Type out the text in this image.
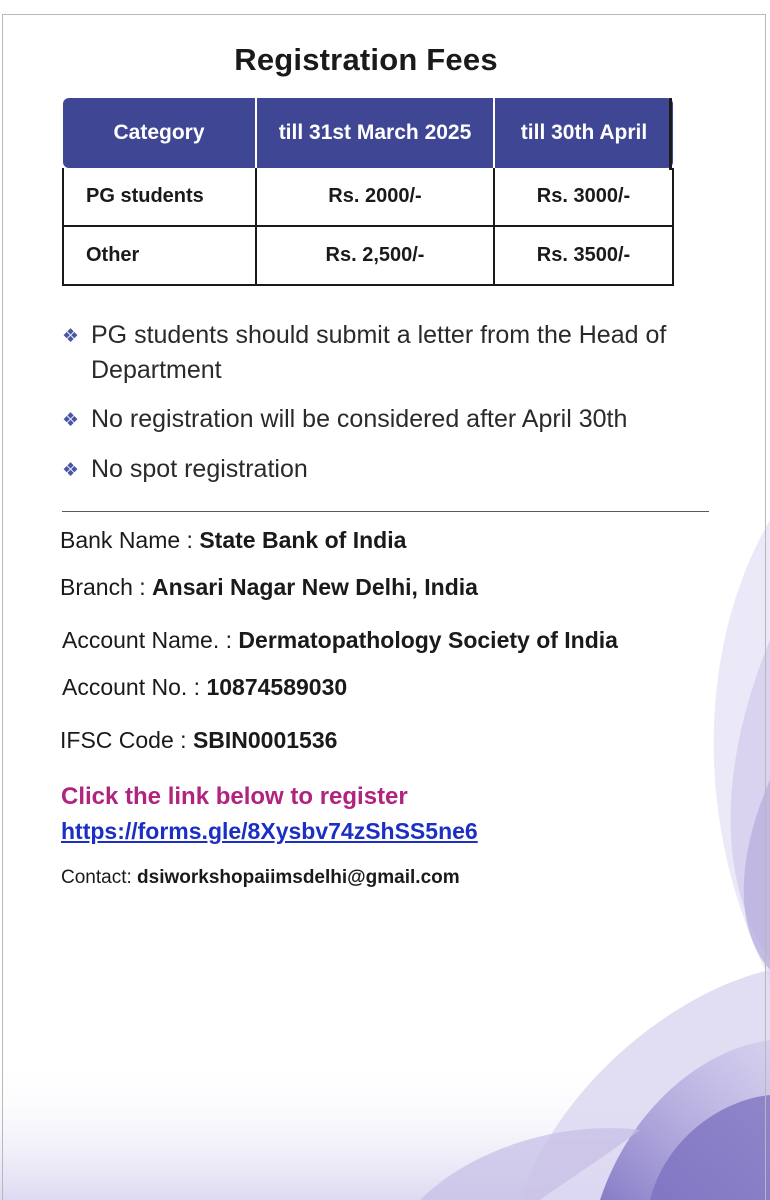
Registration Fees
Category	till 31st March 2025	till 30th April
PG students	Rs. 2000/-	Rs. 3000/-
Other	Rs. 2,500/-	Rs. 3500/-
❖ PG students should submit a letter from the Head of Department
❖ No registration will be considered after April 30th
❖ No spot registration
Bank Name : State Bank of India
Branch : Ansari Nagar New Delhi, India
Account Name. : Dermatopathology Society of India
Account No. : 10874589030
IFSC Code : SBIN0001536
Click the link below to register
https://forms.gle/8Xysbv74zShSS5ne6
Contact: dsiworkshopaiimsdelhi@gmail.com
